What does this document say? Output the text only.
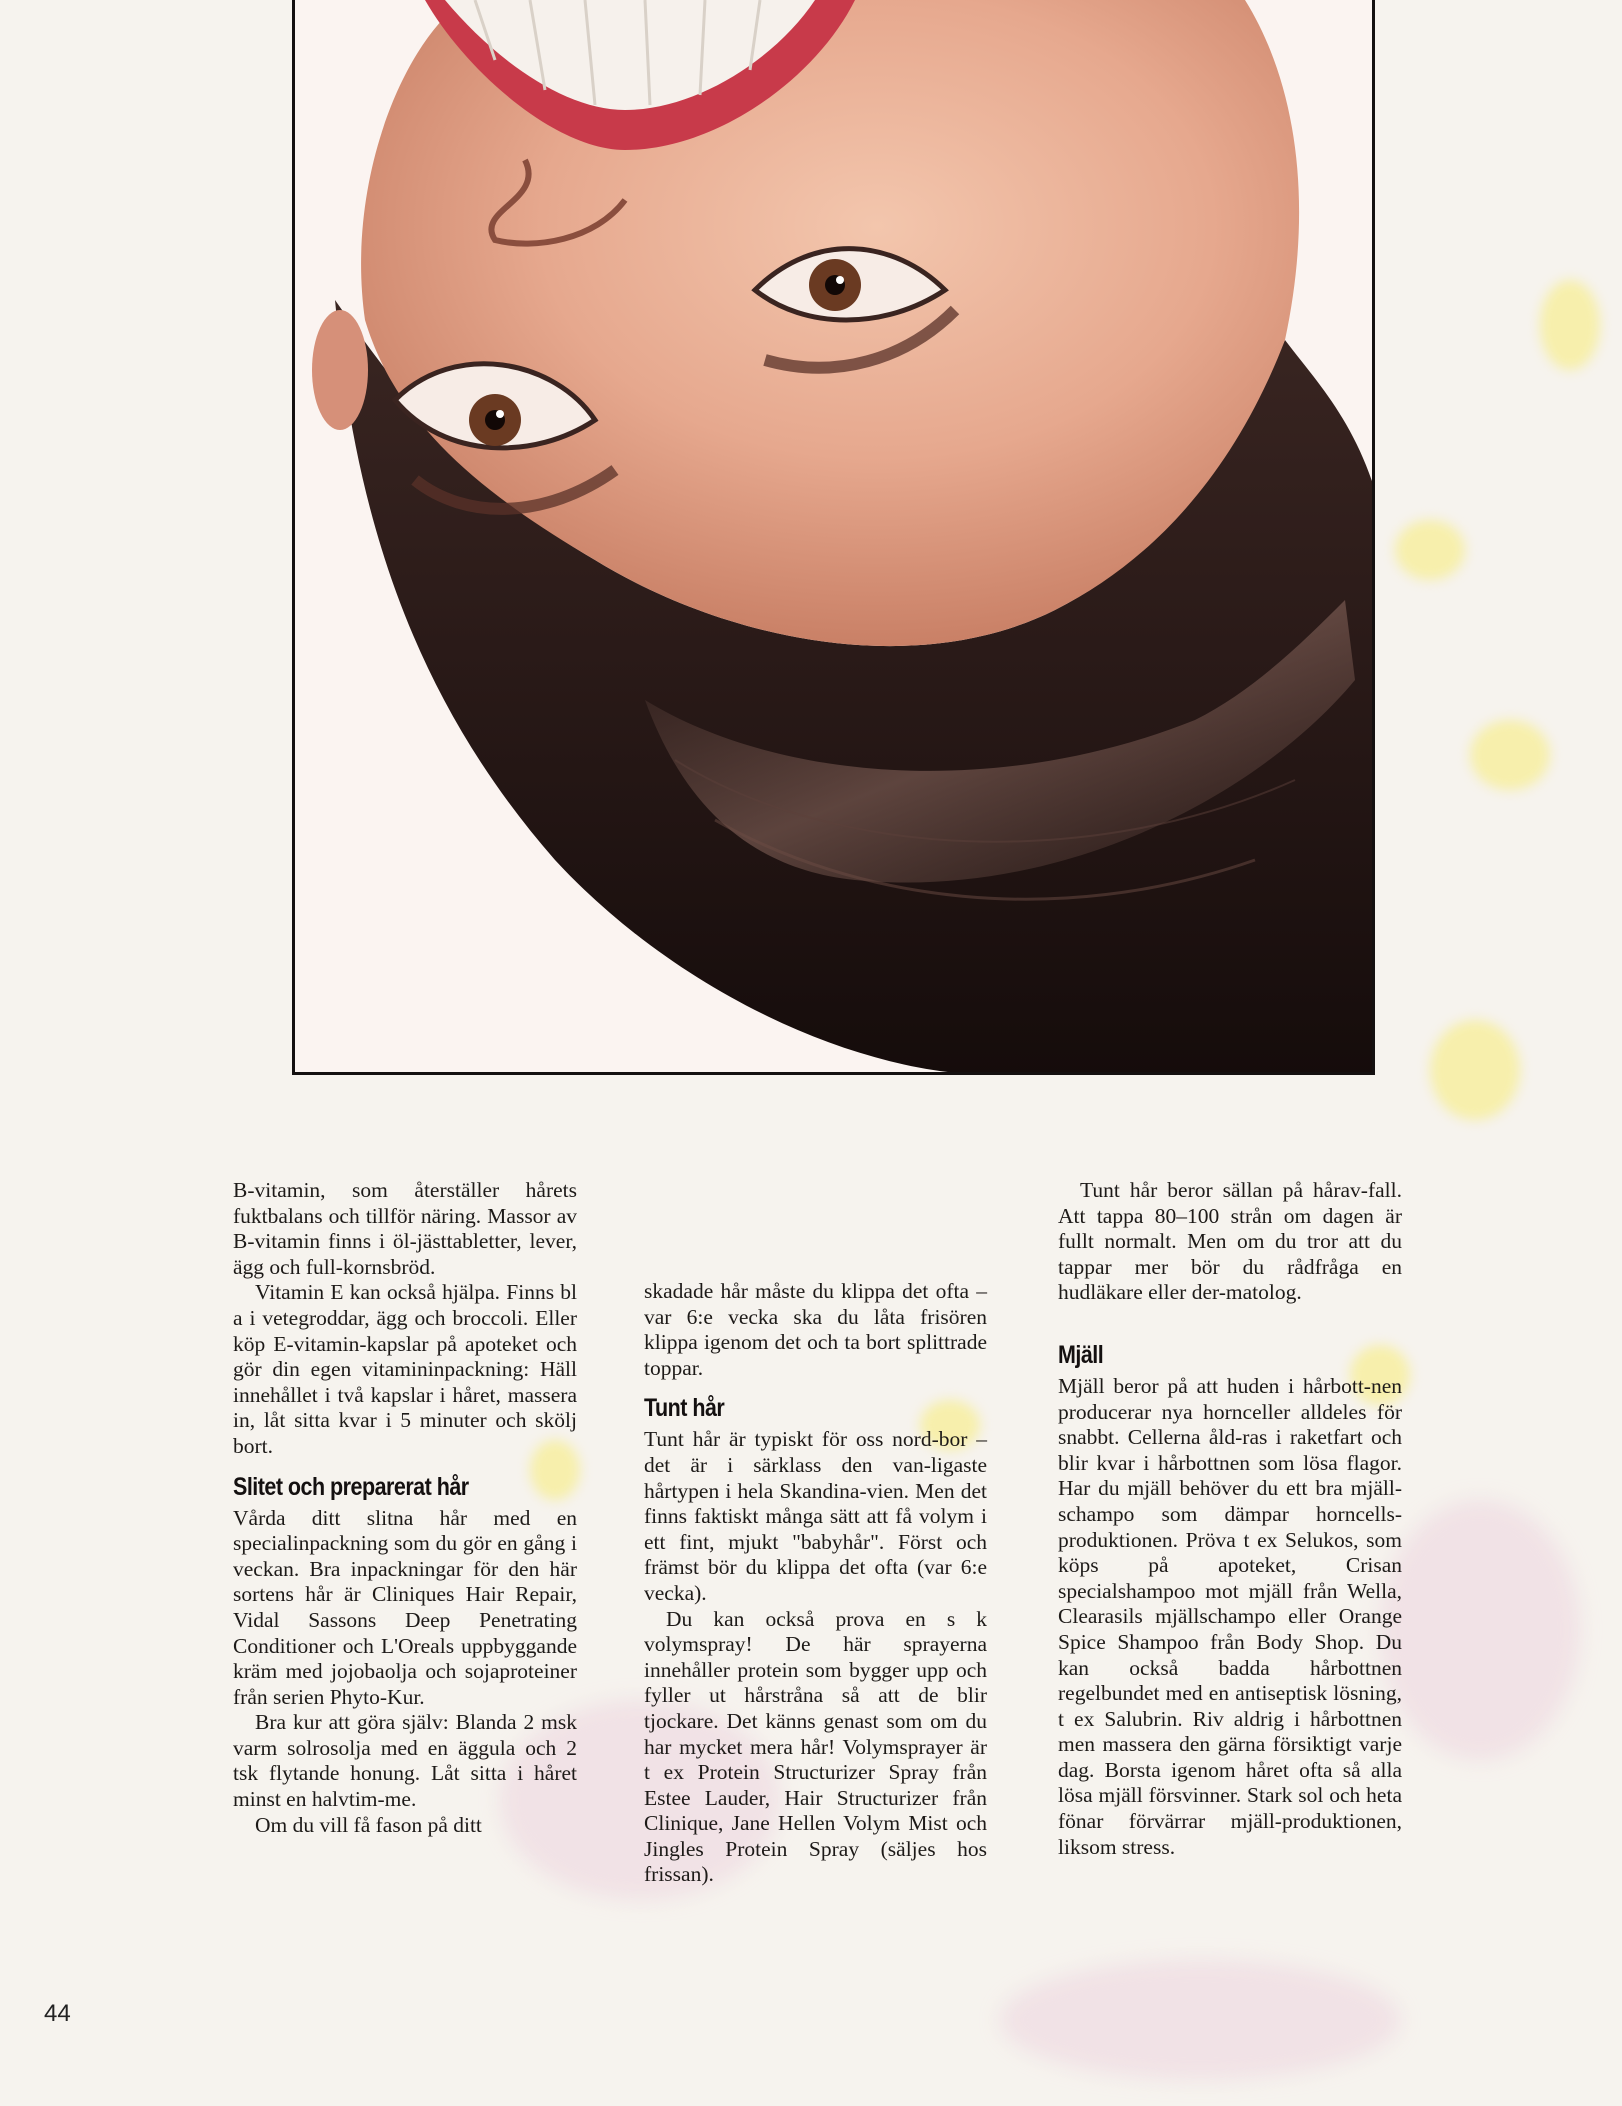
B-vitamin, som återställer hårets fuktbalans och tillför näring. Massor av B-vitamin finns i öl-jästtabletter, lever, ägg och full-kornsbröd.

Vitamin E kan också hjälpa. Finns bl a i vetegroddar, ägg och broccoli. Eller köp E-vitamin-kapslar på apoteket och gör din egen vitamininpackning: Häll innehållet i två kapslar i håret, massera in, låt sitta kvar i 5 minuter och skölj bort.

Slitet och preparerat hår

Vårda ditt slitna hår med en specialinpackning som du gör en gång i veckan. Bra inpackningar för den här sortens hår är Cliniques Hair Repair, Vidal Sassons Deep Penetrating Conditioner och L'Oreals uppbyggande kräm med jojobaolja och sojaproteiner från serien Phyto-Kur.

Bra kur att göra själv: Blanda 2 msk varm solrosolja med en äggula och 2 tsk flytande honung. Låt sitta i håret minst en halvtim-me.

Om du vill få fason på ditt

skadade hår måste du klippa det ofta – var 6:e vecka ska du låta frisören klippa igenom det och ta bort splittrade toppar.

Tunt hår

Tunt hår är typiskt för oss nord-bor – det är i särklass den van-ligaste hårtypen i hela Skandina-vien. Men det finns faktiskt många sätt att få volym i ett fint, mjukt "babyhår". Först och främst bör du klippa det ofta (var 6:e vecka).

Du kan också prova en s k volymspray! De här sprayerna innehåller protein som bygger upp och fyller ut hårstråna så att de blir tjockare. Det känns genast som om du har mycket mera hår! Volymsprayer är t ex Protein Structurizer Spray från Estee Lauder, Hair Structurizer från Clinique, Jane Hellen Volym Mist och Jingles Protein Spray (säljes hos frissan).

Tunt hår beror sällan på hårav-fall. Att tappa 80–100 strån om dagen är fullt normalt. Men om du tror att du tappar mer bör du rådfråga en hudläkare eller der-matolog.

Mjäll

Mjäll beror på att huden i hårbott-nen producerar nya hornceller alldeles för snabbt. Cellerna åld-ras i raketfart och blir kvar i hårbottnen som lösa flagor. Har du mjäll behöver du ett bra mjäll-schampo som dämpar horncells-produktionen. Pröva t ex Selukos, som köps på apoteket, Crisan specialshampoo mot mjäll från Wella, Clearasils mjällschampo eller Orange Spice Shampoo från Body Shop. Du kan också badda hårbottnen regelbundet med en antiseptisk lösning, t ex Salubrin. Riv aldrig i hårbottnen men massera den gärna försiktigt varje dag. Borsta igenom håret ofta så alla lösa mjäll försvinner. Stark sol och heta fönar förvärrar mjäll-produktionen, liksom stress.

44
